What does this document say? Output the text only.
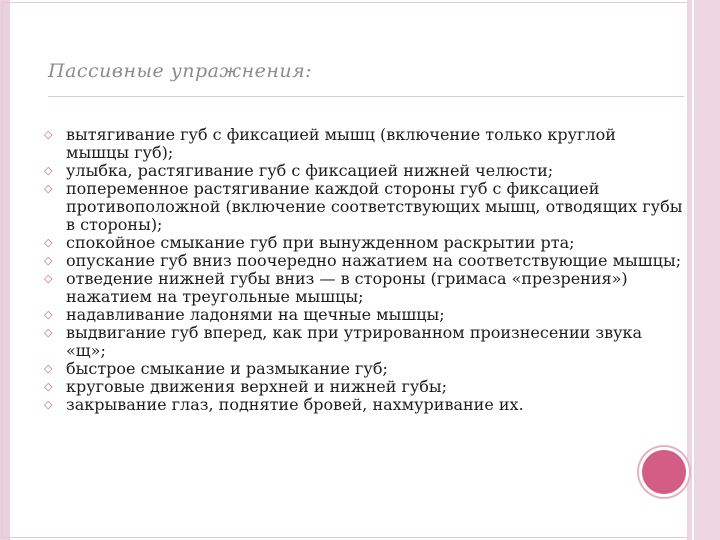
Пассивные упражнения:
◇ вытягивание губ с фиксацией мышц (включение только круглой мышцы губ);
◇ улыбка, растягивание губ с фиксацией нижней челюсти;
◇ попеременное растягивание каждой стороны губ с фиксацией противоположной (включение соответствующих мышц, отводящих губы в стороны);
◇ спокойное смыкание губ при вынужденном раскрытии рта;
◇ опускание губ вниз поочередно нажатием на соответствующие мышцы;
◇ отведение нижней губы вниз — в стороны (гримаса «презрения») нажатием на треугольные мышцы;
◇ надавливание ладонями на щечные мышцы;
◇ выдвигание губ вперед, как при утрированном произнесении звука «щ»;
◇ быстрое смыкание и размыкание губ;
◇ круговые движения верхней и нижней губы;
◇ закрывание глаз, поднятие бровей, нахмуривание их.
